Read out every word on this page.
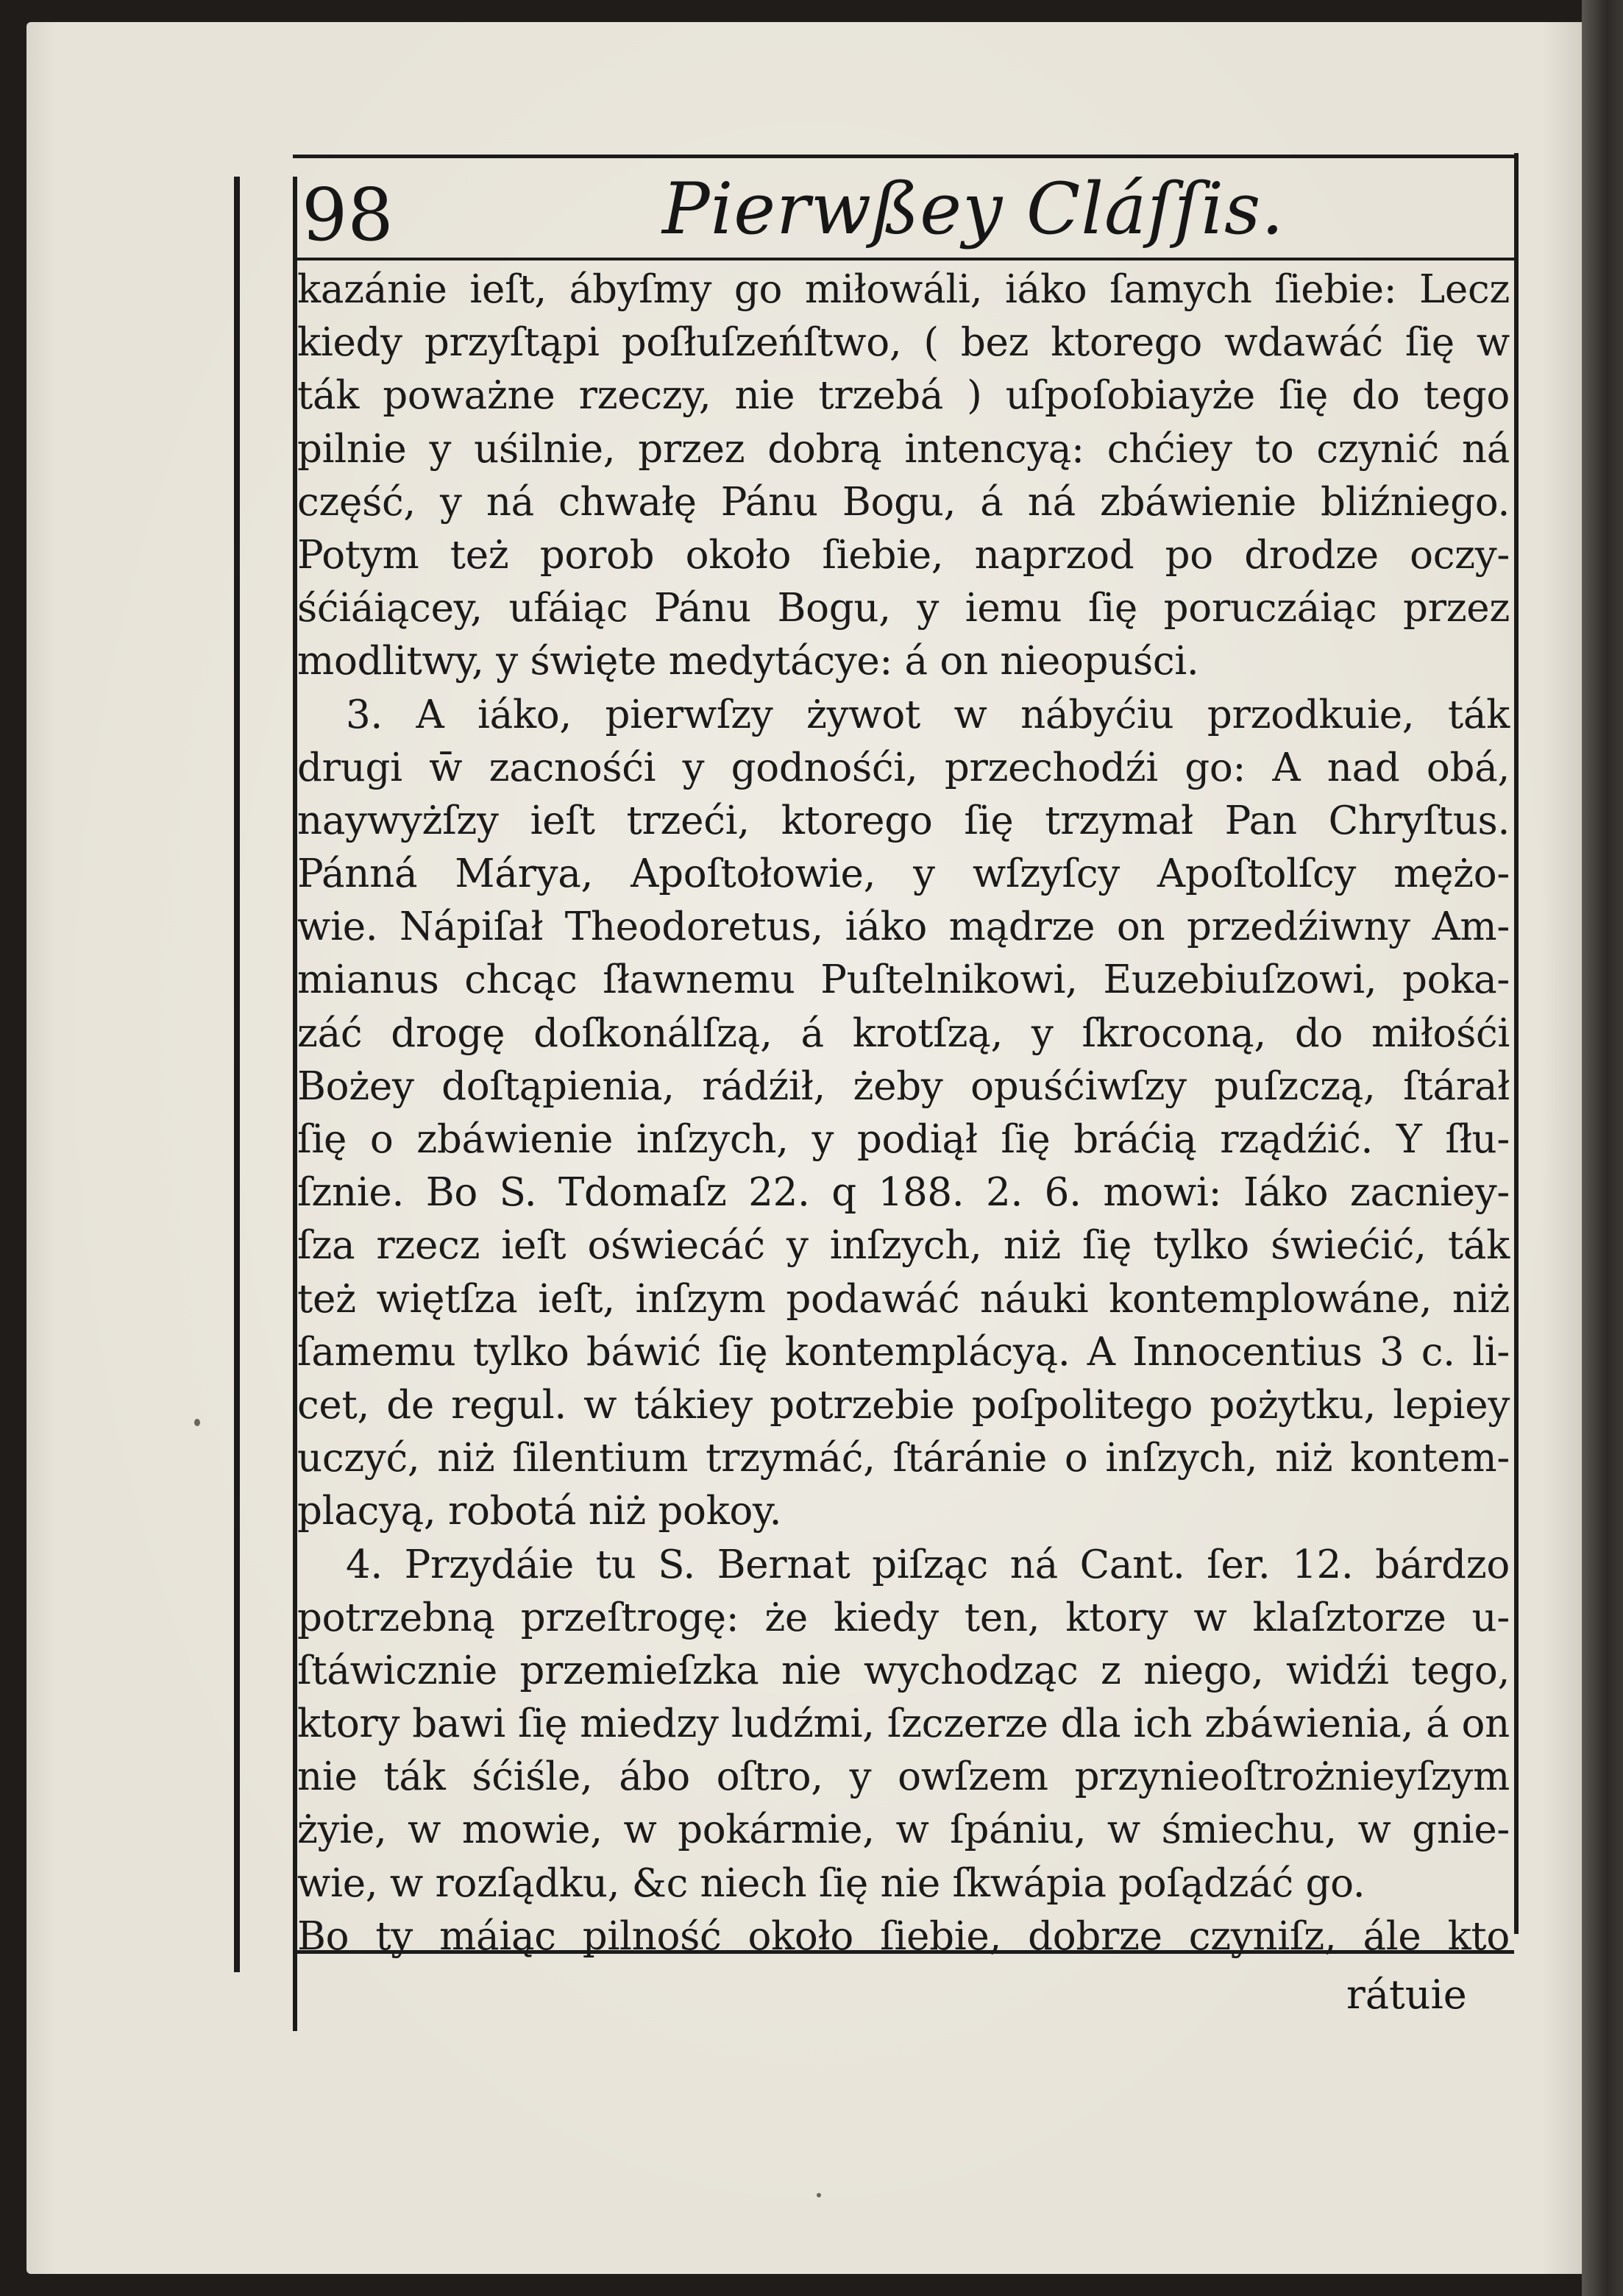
98	Pierwßey Cláſſis.
kazánie ieſt, ábyſmy go miłowáli, iáko ſamych ſiebie: Lecz
kiedy przyſtąpi poſłuſzeńſtwo, ( bez ktorego wdawáć ſię w
ták poważne rzeczy, nie trzebá ) uſpoſobiayże ſię do tego
pilnie y uśilnie, przez dobrą intencyą: chćiey to czynić ná
część, y ná chwałę Pánu Bogu, á ná zbáwienie bliźniego.
Potym też porob około ſiebie, naprzod po drodze oczy-
śćiáiącey, ufáiąc Pánu Bogu, y iemu ſię poruczáiąc przez
modlitwy, y święte medytácye: á on nieopuści.
3. A iáko, pierwſzy żywot w nábyćiu przodkuie, ták
drugi w̄ zacnośći y godnośći, przechodźi go: A nad obá,
naywyżſzy ieſt trzeći, ktorego ſię trzymał Pan Chryſtus.
Pánná Márya, Apoſtołowie, y wſzyſcy Apoſtolſcy mężo-
wie. Nápiſał Theodoretus, iáko mądrze on przedźiwny Am-
mianus chcąc ſławnemu Puſtelnikowi, Euzebiuſzowi, poka-
záć drogę doſkonálſzą, á krotſzą, y ſkroconą, do miłośći
Bożey doſtąpienia, rádźił, żeby opuśćiwſzy puſzczą, ſtárał
ſię o zbáwienie inſzych, y podiął ſię bráćią rządźić. Y ſłu-
ſznie. Bo S. Tdomaſz 22. q 188. 2. 6. mowi: Iáko zacniey-
ſza rzecz ieſt oświecáć y inſzych, niż ſię tylko świećić, ták
też więtſza ieſt, inſzym podawáć náuki kontemplowáne, niż
ſamemu tylko báwić ſię kontemplácyą. A Innocentius 3 c. li-
cet, de regul. w tákiey potrzebie poſpolitego pożytku, lepiey
uczyć, niż ſilentium trzymáć, ſtáránie o inſzych, niż kontem-
placyą, robotá niż pokoy.
4. Przydáie tu S. Bernat piſząc ná Cant. ſer. 12. bárdzo
potrzebną przeſtrogę: że kiedy ten, ktory w klaſztorze u-
ſtáwicznie przemieſzka nie wychodząc z niego, widźi tego,
ktory bawi ſię miedzy ludźmi, ſzczerze dla ich zbáwienia, á on
nie ták śćiśle, ábo oſtro, y owſzem przynieoſtrożnieyſzym
żyie, w mowie, w pokármie, w ſpániu, w śmiechu, w gnie-
wie, w rozſądku, &c niech ſię nie ſkwápia poſądzáć go.
Bo ty máiąc pilność około ſiebie, dobrze czyniſz, ále kto
rátuie
